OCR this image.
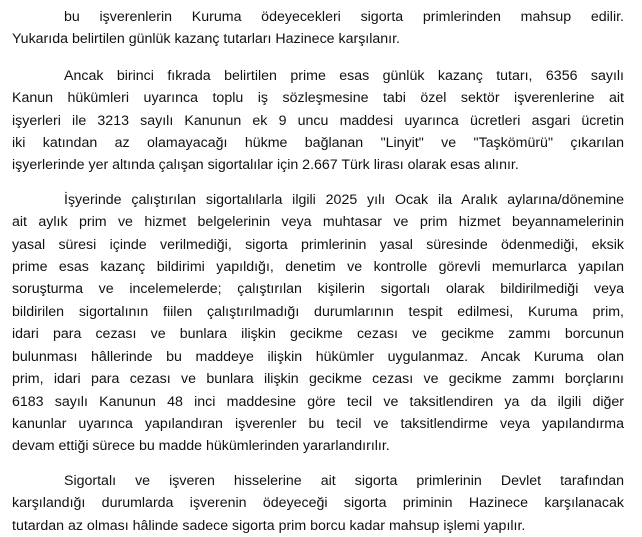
bu işverenlerin Kuruma ödeyecekleri sigorta primlerinden mahsup edilir.
Yukarıda belirtilen günlük kazanç tutarları Hazinece karşılanır.

Ancak birinci fıkrada belirtilen prime esas günlük kazanç tutarı, 6356 sayılı
Kanun hükümleri uyarınca toplu iş sözleşmesine tabi özel sektör işverenlerine ait
işyerleri ile 3213 sayılı Kanunun ek 9 uncu maddesi uyarınca ücretleri asgari ücretin
iki katından az olamayacağı hükme bağlanan "Linyit" ve "Taşkömürü" çıkarılan
işyerlerinde yer altında çalışan sigortalılar için 2.667 Türk lirası olarak esas alınır.

İşyerinde çalıştırılan sigortalılarla ilgili 2025 yılı Ocak ila Aralık aylarına/dönemine
ait aylık prim ve hizmet belgelerinin veya muhtasar ve prim hizmet beyannamelerinin
yasal süresi içinde verilmediği, sigorta primlerinin yasal süresinde ödenmediği, eksik
prime esas kazanç bildirimi yapıldığı, denetim ve kontrolle görevli memurlarca yapılan
soruşturma ve incelemelerde; çalıştırılan kişilerin sigortalı olarak bildirilmediği veya
bildirilen sigortalının fiilen çalıştırılmadığı durumlarının tespit edilmesi, Kuruma prim,
idari para cezası ve bunlara ilişkin gecikme cezası ve gecikme zammı borcunun
bulunması hâllerinde bu maddeye ilişkin hükümler uygulanmaz. Ancak Kuruma olan
prim, idari para cezası ve bunlara ilişkin gecikme cezası ve gecikme zammı borçlarını
6183 sayılı Kanunun 48 inci maddesine göre tecil ve taksitlendiren ya da ilgili diğer
kanunlar uyarınca yapılandıran işverenler bu tecil ve taksitlendirme veya yapılandırma
devam ettiği sürece bu madde hükümlerinden yararlandırılır.

Sigortalı ve işveren hisselerine ait sigorta primlerinin Devlet tarafından
karşılandığı durumlarda işverenin ödeyeceği sigorta priminin Hazinece karşılanacak
tutardan az olması hâlinde sadece sigorta prim borcu kadar mahsup işlemi yapılır.
